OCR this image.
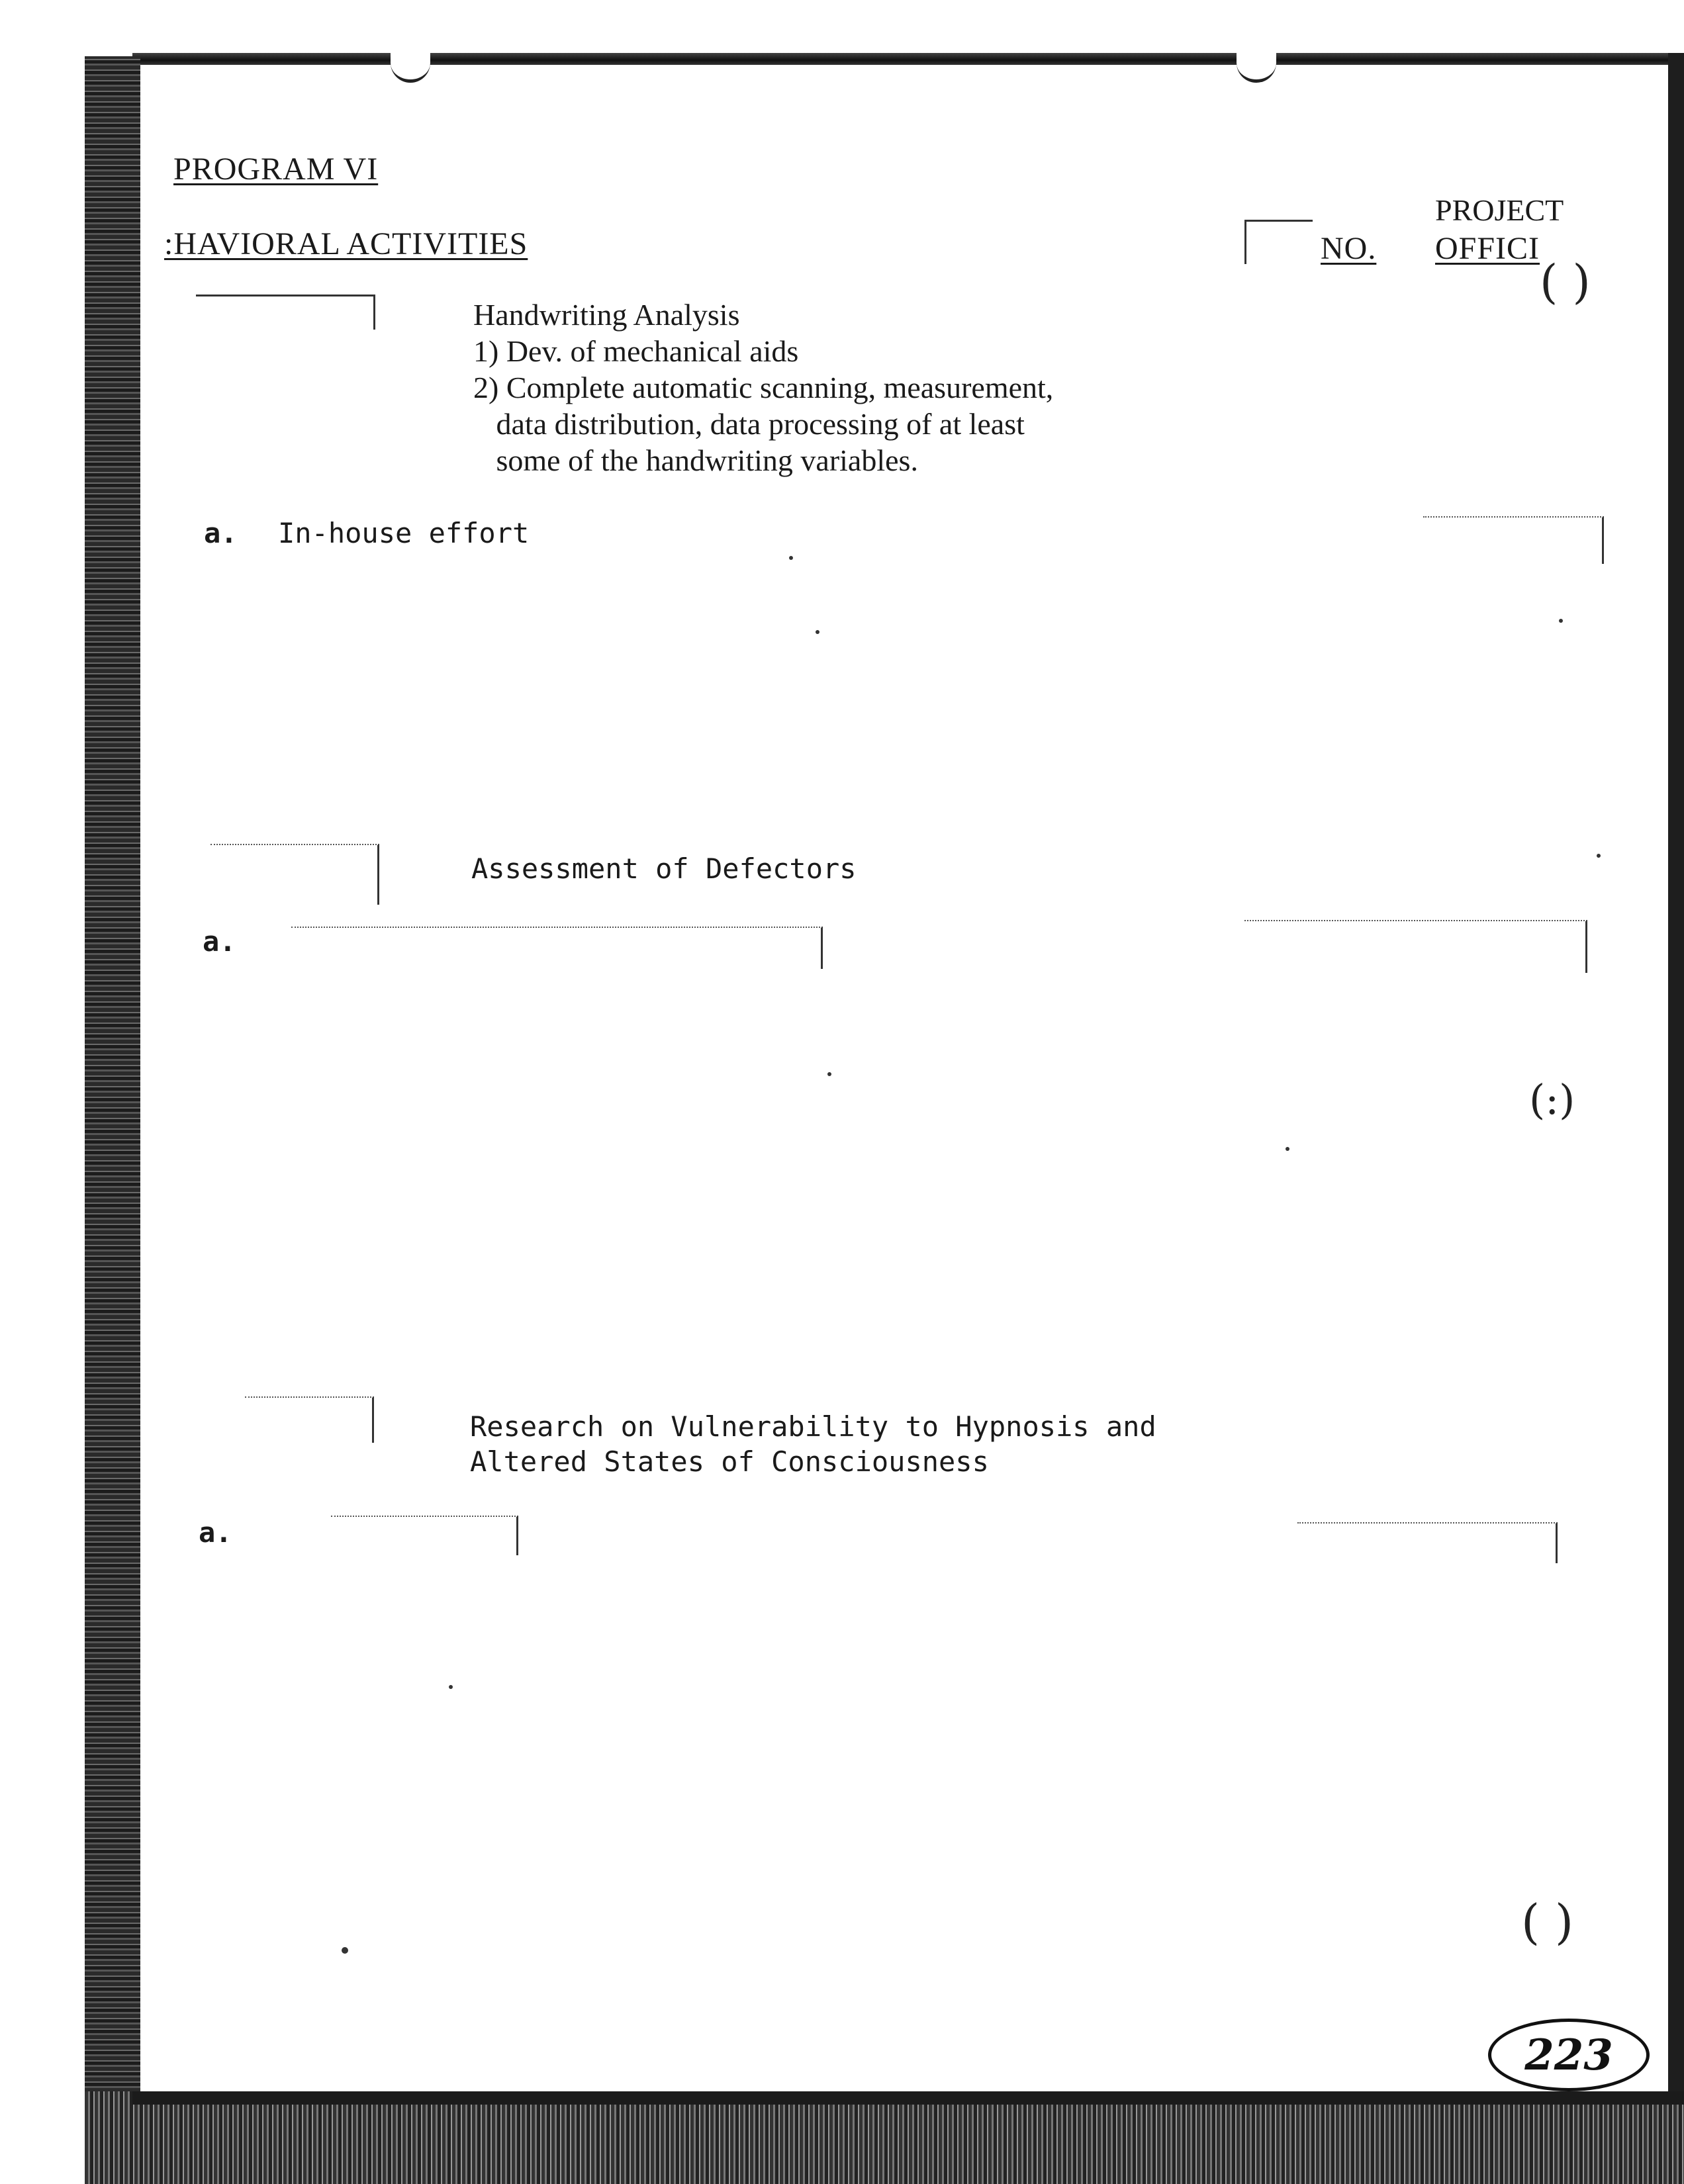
PROGRAM VI
:HAVIORAL ACTIVITIES	NO.
PROJECT
OFFICI
( )
Handwriting Analysis
1) Dev. of mechanical aids
2) Complete automatic scanning, measurement,
data distribution, data processing of at least
some of the handwriting variables.
a. In-house effort
Assessment of Defectors
a.
(:)
Research on Vulnerability to Hypnosis and
Altered States of Consciousness
a.
( )
223
